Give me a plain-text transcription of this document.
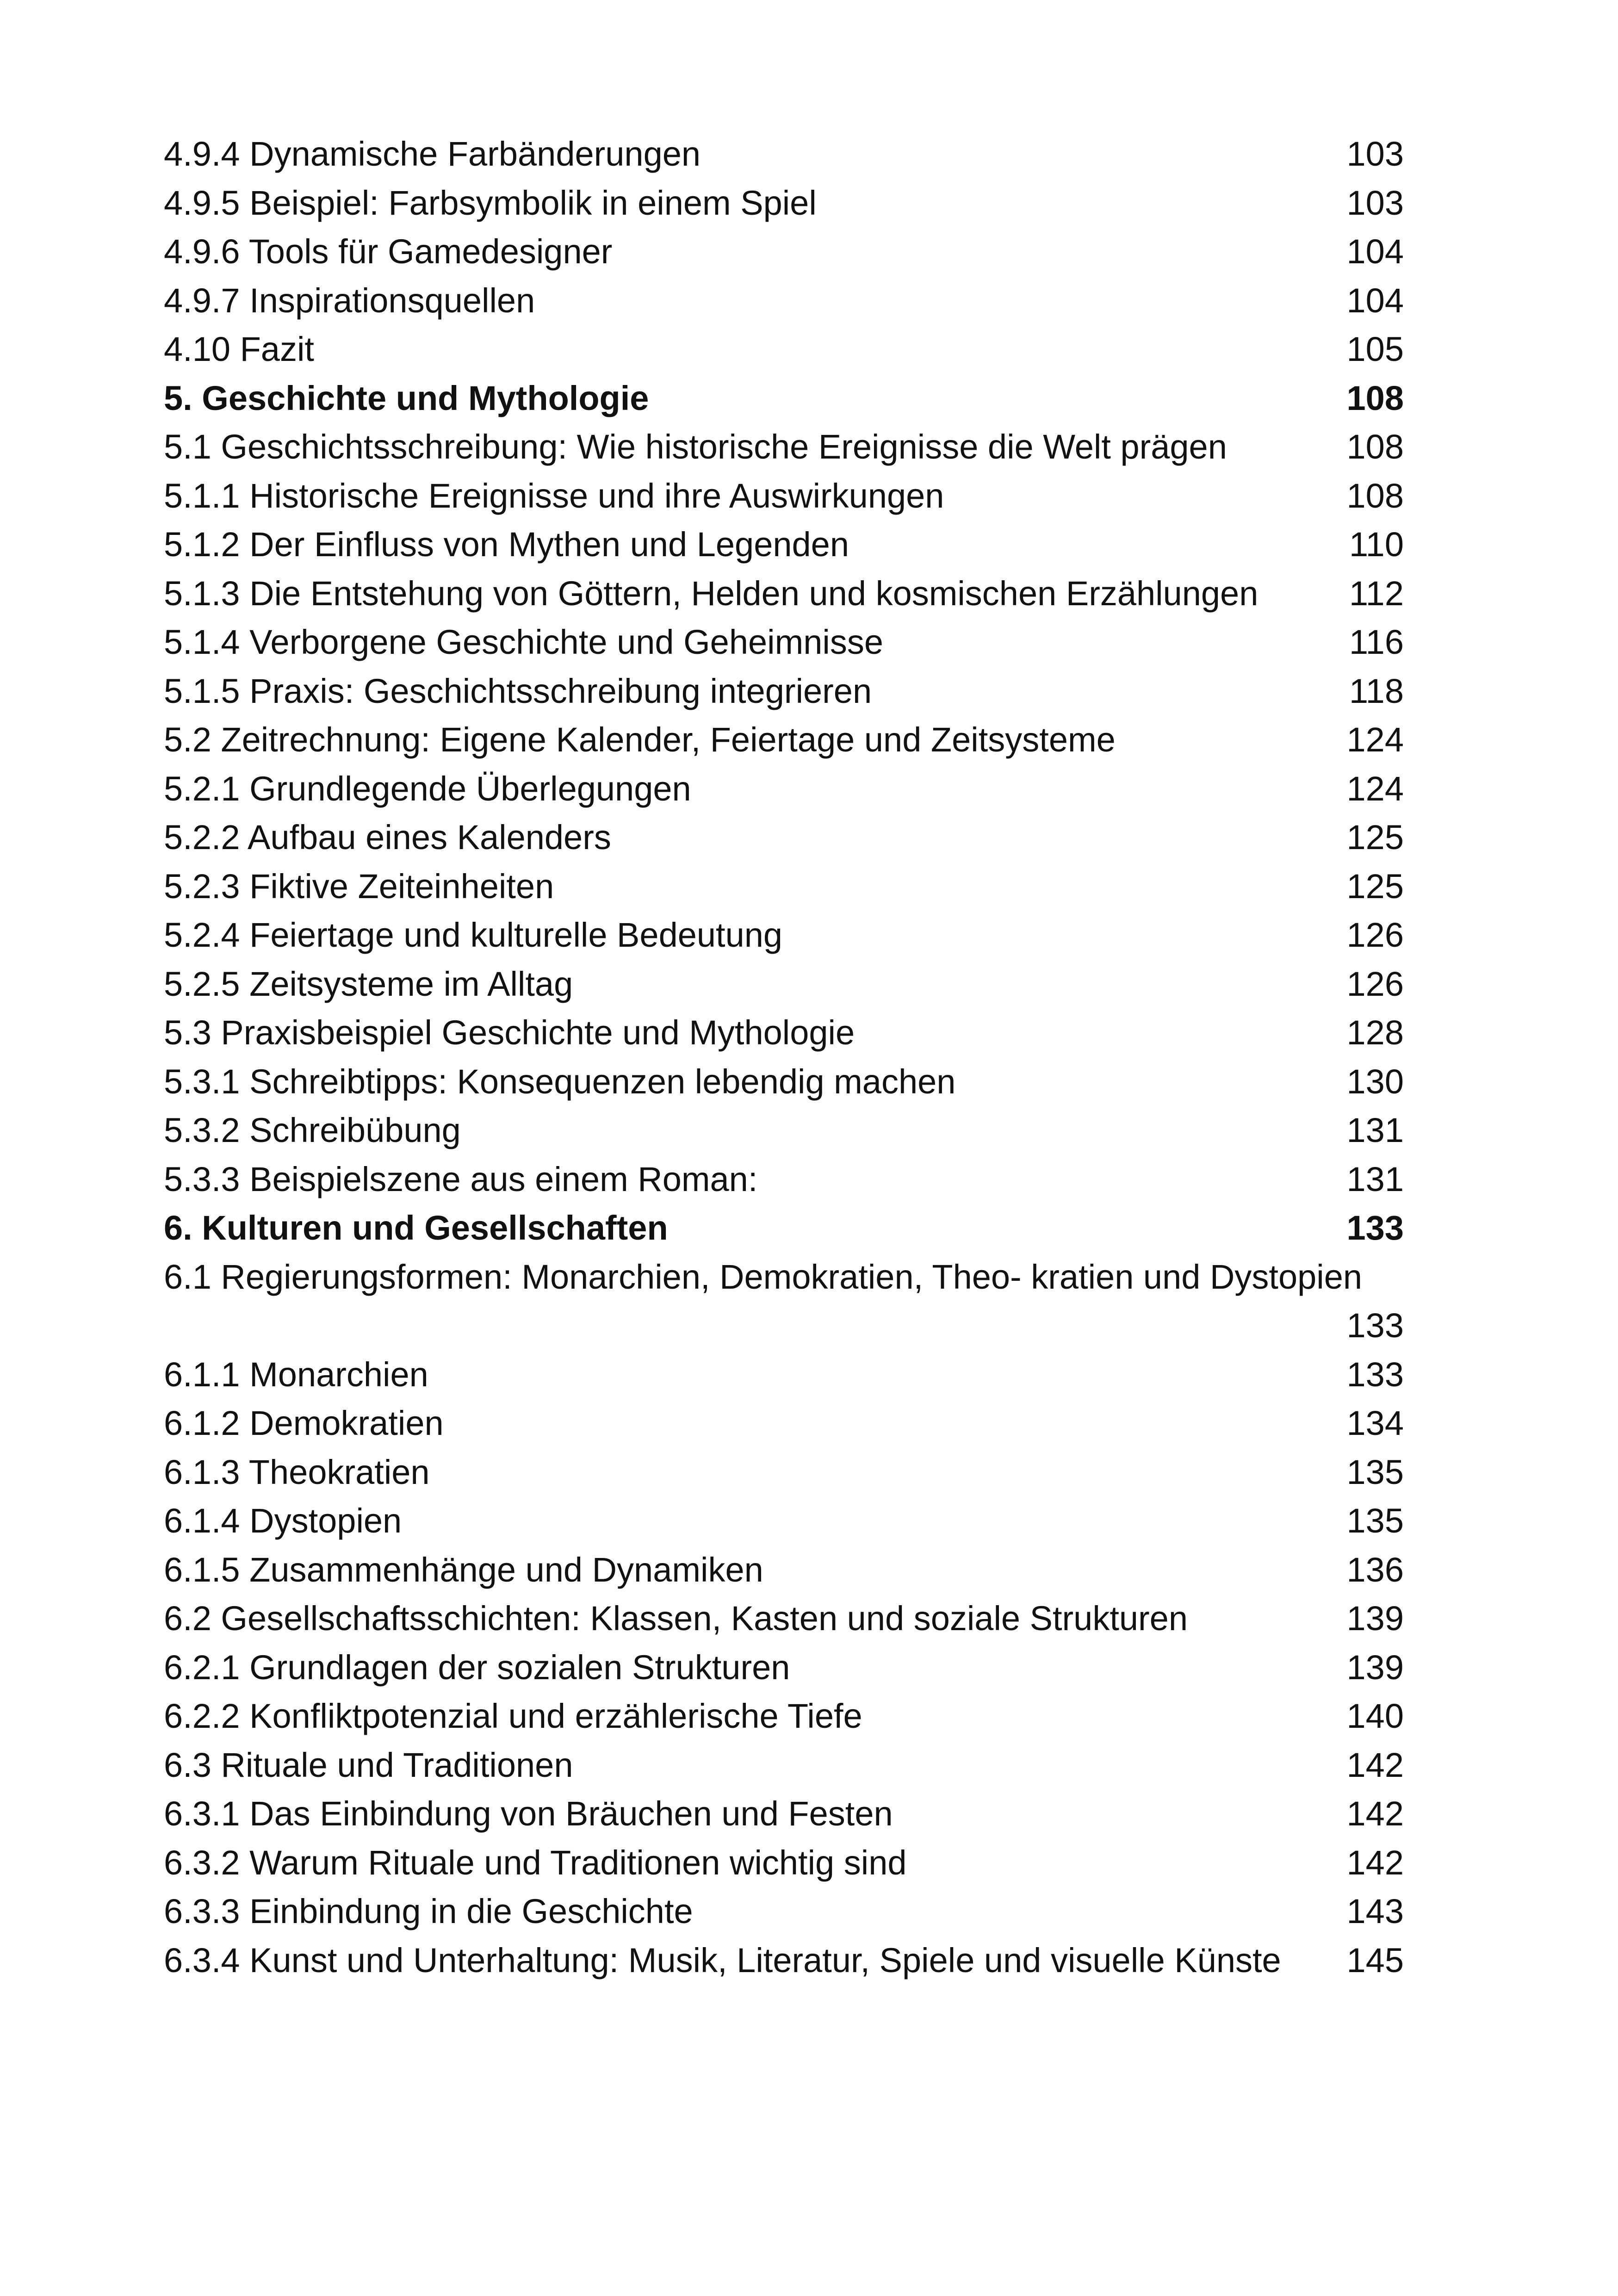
4.9.4 Dynamische Farbänderungen	103
4.9.5 Beispiel: Farbsymbolik in einem Spiel	103
4.9.6 Tools für Gamedesigner	104
4.9.7 Inspirationsquellen	104
4.10 Fazit	105
5. Geschichte und Mythologie	108
5.1 Geschichtsschreibung: Wie historische Ereignisse die Welt prägen	108
5.1.1 Historische Ereignisse und ihre Auswirkungen	108
5.1.2 Der Einfluss von Mythen und Legenden	110
5.1.3 Die Entstehung von Göttern, Helden und kosmischen Erzählungen	112
5.1.4 Verborgene Geschichte und Geheimnisse	116
5.1.5 Praxis: Geschichtsschreibung integrieren	118
5.2 Zeitrechnung: Eigene Kalender, Feiertage und Zeitsysteme	124
5.2.1 Grundlegende Überlegungen	124
5.2.2 Aufbau eines Kalenders	125
5.2.3 Fiktive Zeiteinheiten	125
5.2.4 Feiertage und kulturelle Bedeutung	126
5.2.5 Zeitsysteme im Alltag	126
5.3 Praxisbeispiel Geschichte und Mythologie	128
5.3.1 Schreibtipps: Konsequenzen lebendig machen	130
5.3.2 Schreibübung	131
5.3.3 Beispielszene aus einem Roman:	131
6. Kulturen und Gesellschaften	133
6.1 Regierungsformen: Monarchien, Demokratien, Theo- kratien und Dystopien
133
6.1.1 Monarchien	133
6.1.2 Demokratien	134
6.1.3 Theokratien	135
6.1.4 Dystopien	135
6.1.5 Zusammenhänge und Dynamiken	136
6.2 Gesellschaftsschichten: Klassen, Kasten und soziale Strukturen	139
6.2.1 Grundlagen der sozialen Strukturen	139
6.2.2 Konfliktpotenzial und erzählerische Tiefe	140
6.3 Rituale und Traditionen	142
6.3.1 Das Einbindung von Bräuchen und Festen	142
6.3.2 Warum Rituale und Traditionen wichtig sind	142
6.3.3 Einbindung in die Geschichte	143
6.3.4 Kunst und Unterhaltung: Musik, Literatur, Spiele und visuelle Künste 145
